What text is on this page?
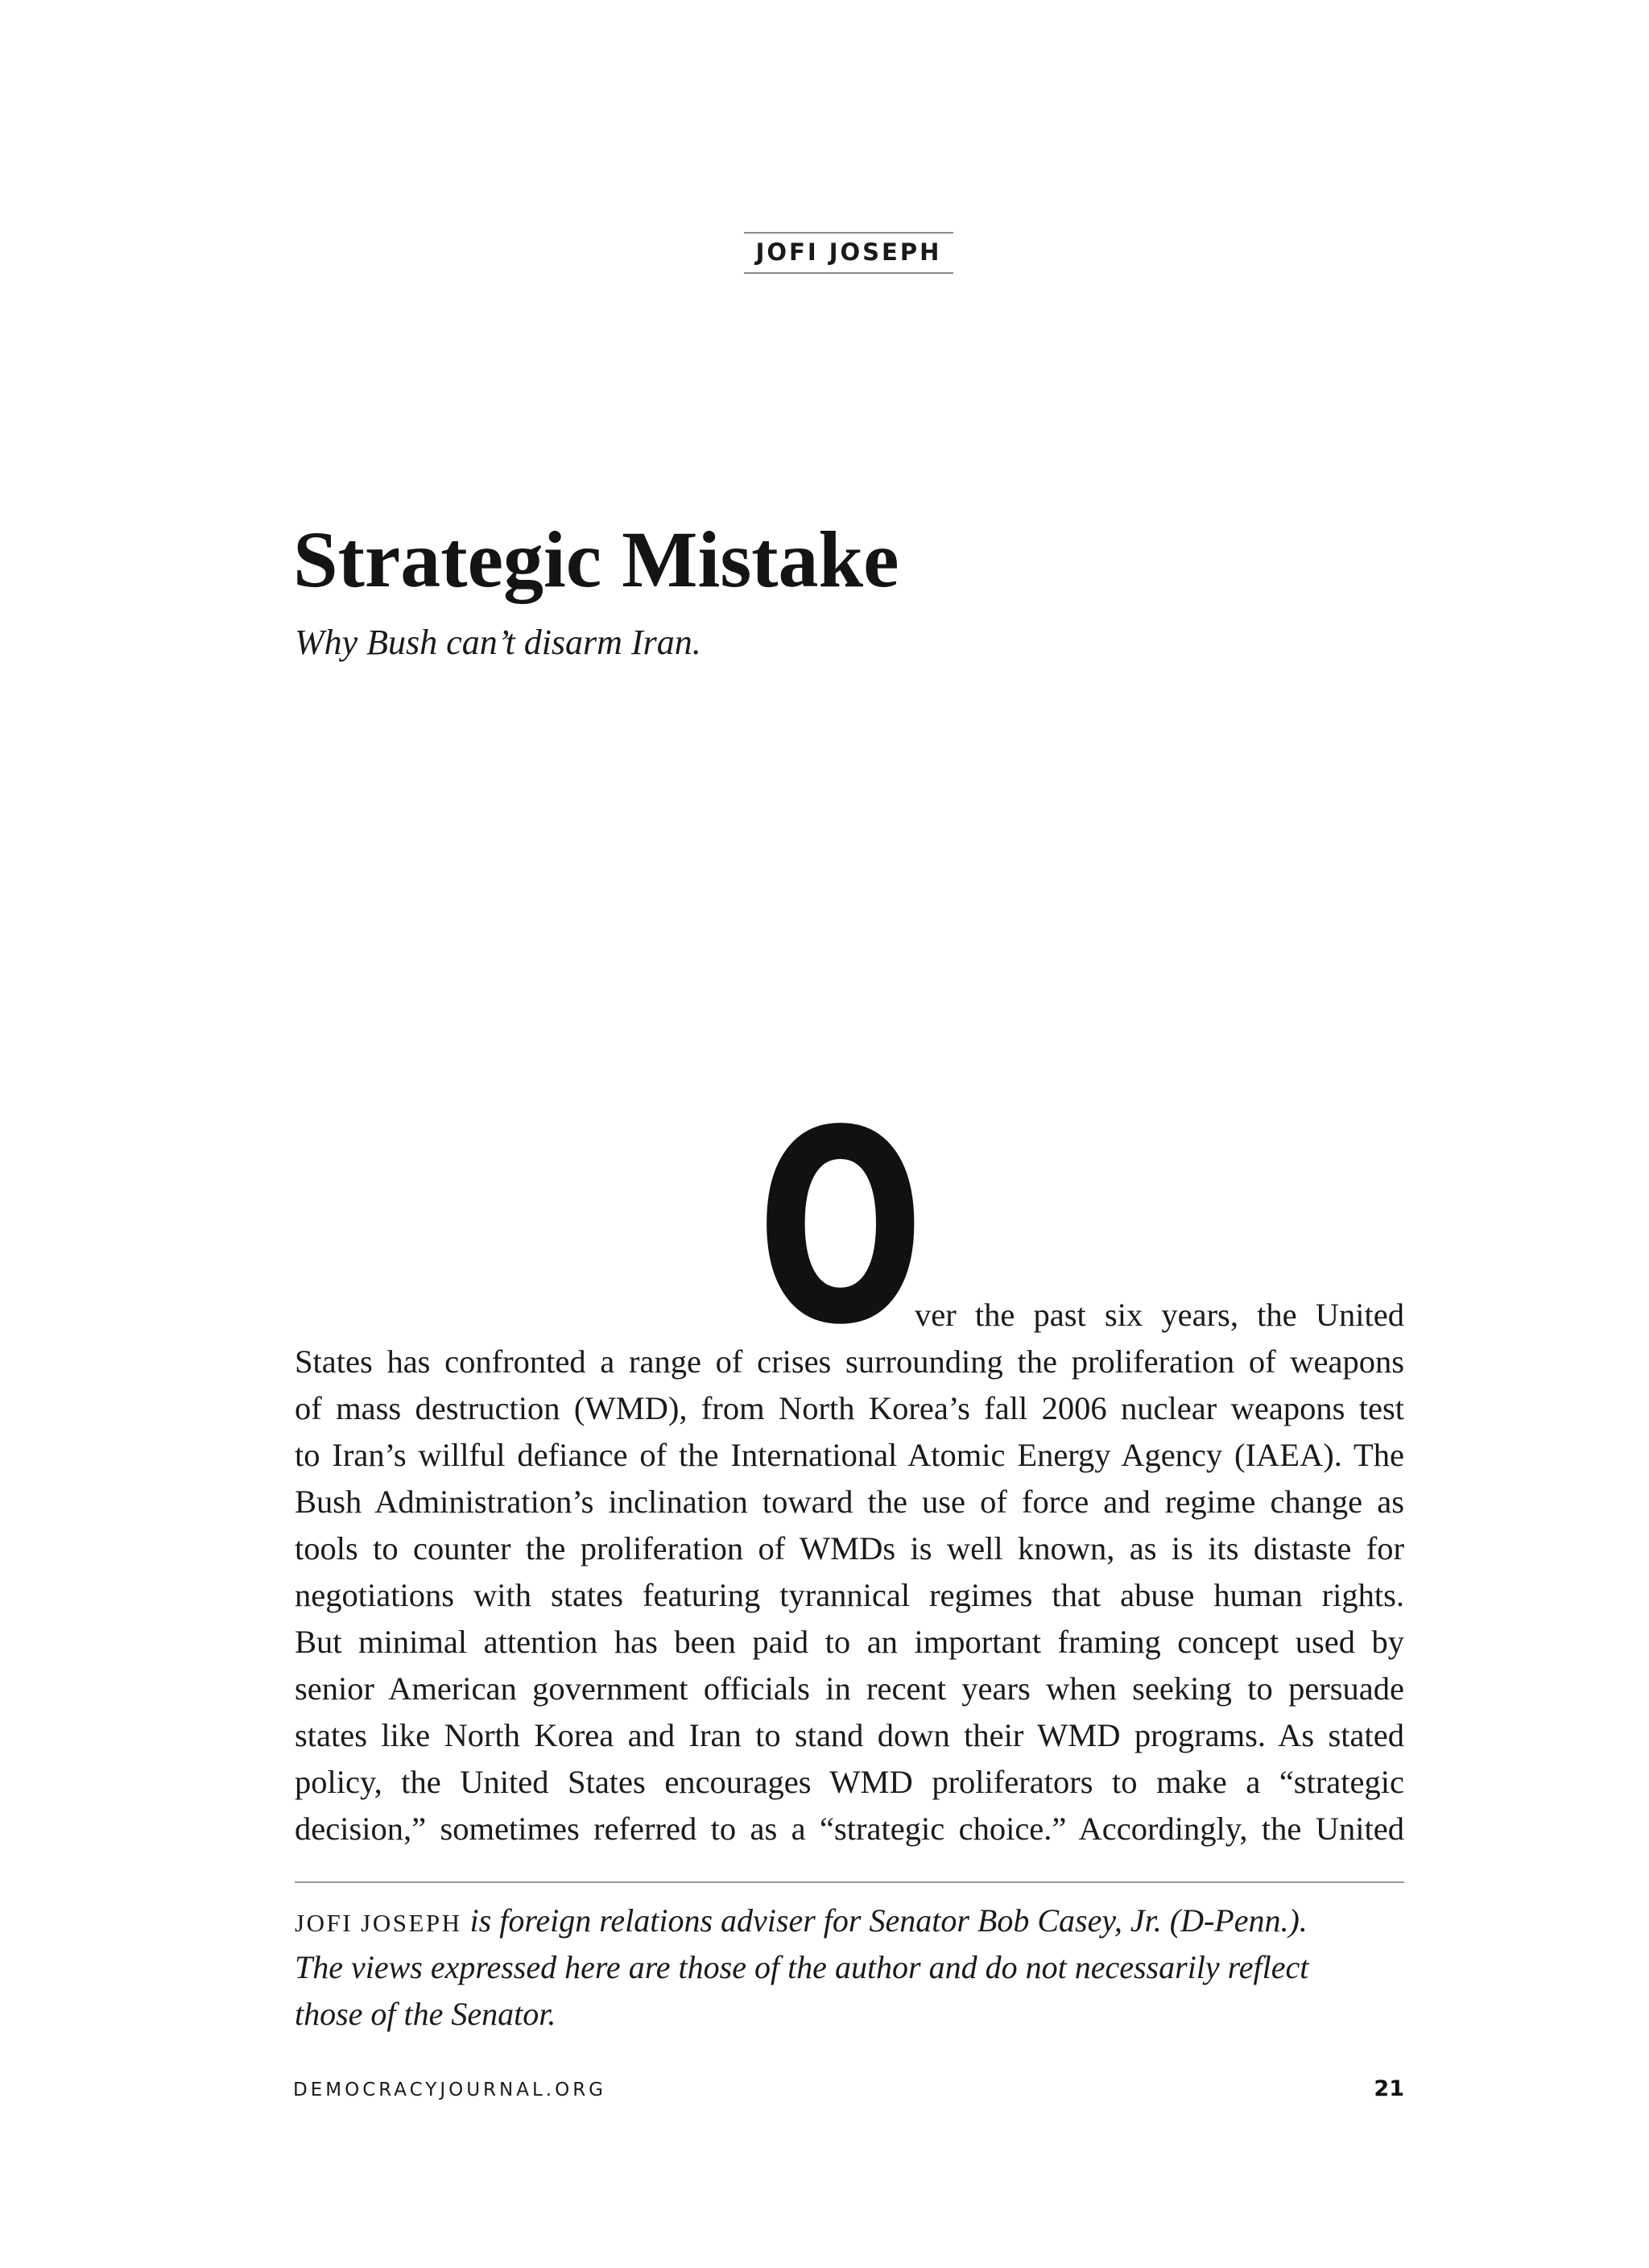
JOFI JOSEPH
Strategic Mistake
Why Bush can’t disarm Iran.
O
ver the past six years, the United
States has confronted a range of crises surrounding the proliferation of weapons
of mass destruction (WMD), from North Korea’s fall 2006 nuclear weapons test
to Iran’s willful defiance of the International Atomic Energy Agency (IAEA). The
Bush Administration’s inclination toward the use of force and regime change as
tools to counter the proliferation of WMDs is well known, as is its distaste for
negotiations with states featuring tyrannical regimes that abuse human rights.
But minimal attention has been paid to an important framing concept used by
senior American government officials in recent years when seeking to persuade
states like North Korea and Iran to stand down their WMD programs. As stated
policy, the United States encourages WMD proliferators to make a “strategic
decision,” sometimes referred to as a “strategic choice.” Accordingly, the United
JOFI JOSEPH is foreign relations adviser for Senator Bob Casey, Jr. (D-Penn.).
The views expressed here are those of the author and do not necessarily reflect
those of the Senator.
DEMOCRACYJOURNAL.ORG	21
